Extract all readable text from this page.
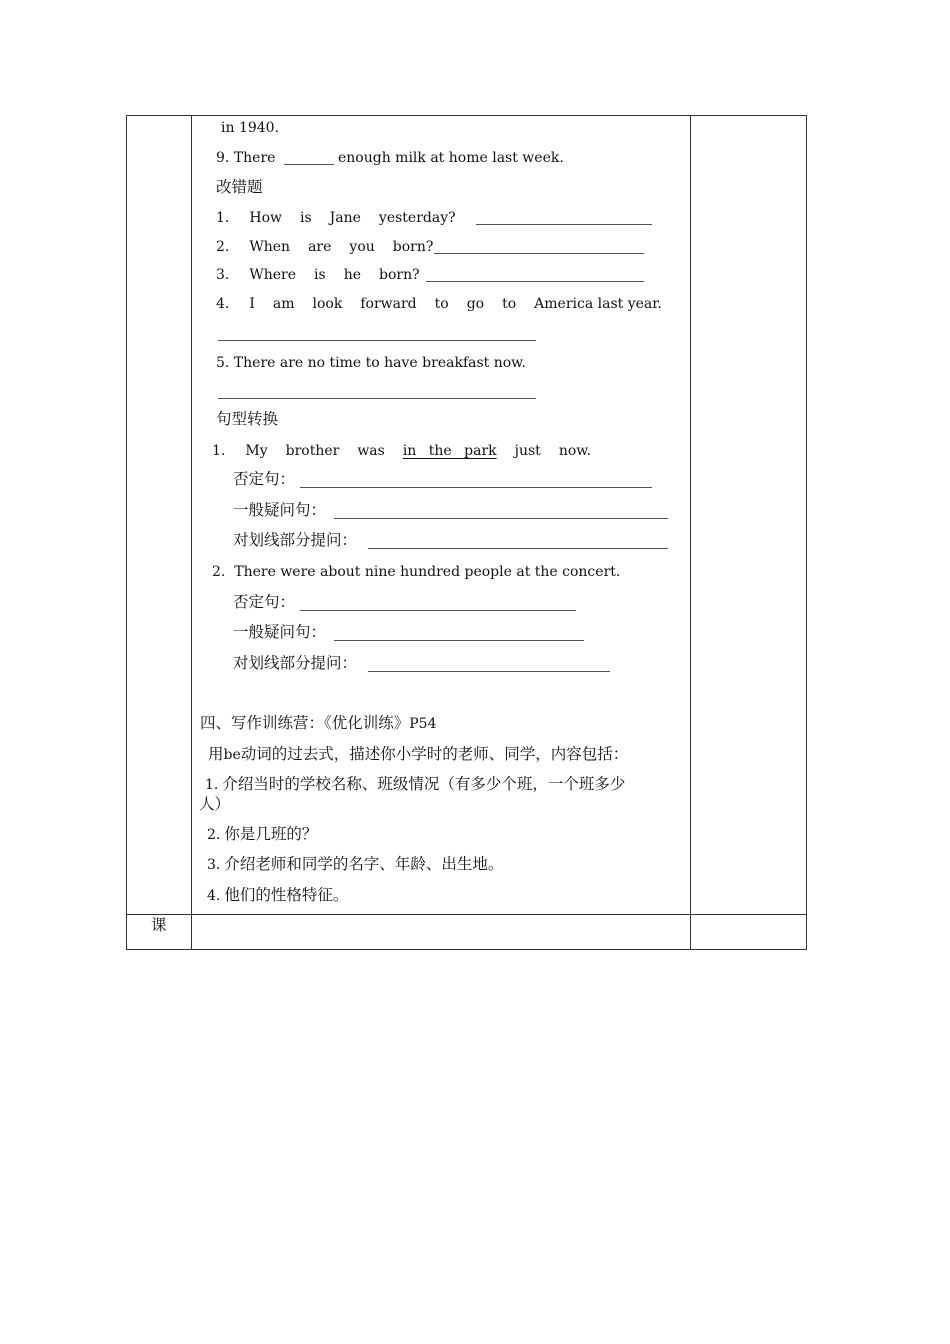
in 1940.
9. There	enough milk at home last week.
改错题
1. How is Jane yesterday?
2. When are you born?
3. Where is he born?
4. I am look forward to go to America last year.
5. There are no time to have breakfast now.
句型转换
1. My brother was in the park just now.
否定句：
一般疑问句：
对划线部分提问：
2.  There were about nine hundred people at the concert.
否定句：
一般疑问句：
对划线部分提问：
四、写作训练营：《优化训练》P54
用be动词的过去式，描述你小学时的老师、同学，内容包括：
1. 介绍当时的学校名称、班级情况（有多少个班，一个班多少
人）
2. 你是几班的？
3. 介绍老师和同学的名字、年龄、出生地。
4. 他们的性格特征。
课
